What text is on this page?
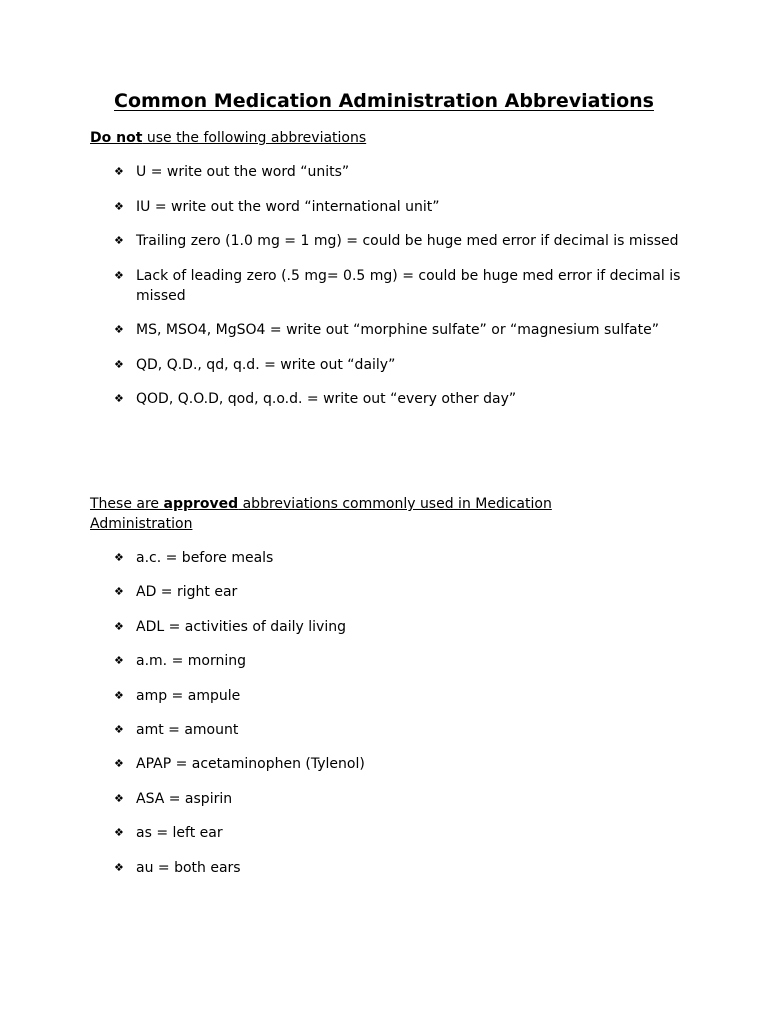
Common Medication Administration Abbreviations

Do not use the following abbreviations

❖ U = write out the word “units”
❖ IU = write out the word “international unit”
❖ Trailing zero (1.0 mg = 1 mg) = could be huge med error if decimal is missed
❖ Lack of leading zero (.5 mg= 0.5 mg) = could be huge med error if decimal is missed
❖ MS, MSO4, MgSO4 = write out “morphine sulfate” or “magnesium sulfate”
❖ QD, Q.D., qd, q.d. = write out “daily”
❖ QOD, Q.O.D, qod, q.o.d. = write out “every other day”

These are approved abbreviations commonly used in Medication Administration

❖ a.c. = before meals
❖ AD = right ear
❖ ADL = activities of daily living
❖ a.m. = morning
❖ amp = ampule
❖ amt = amount
❖ APAP = acetaminophen (Tylenol)
❖ ASA = aspirin
❖ as = left ear
❖ au = both ears
